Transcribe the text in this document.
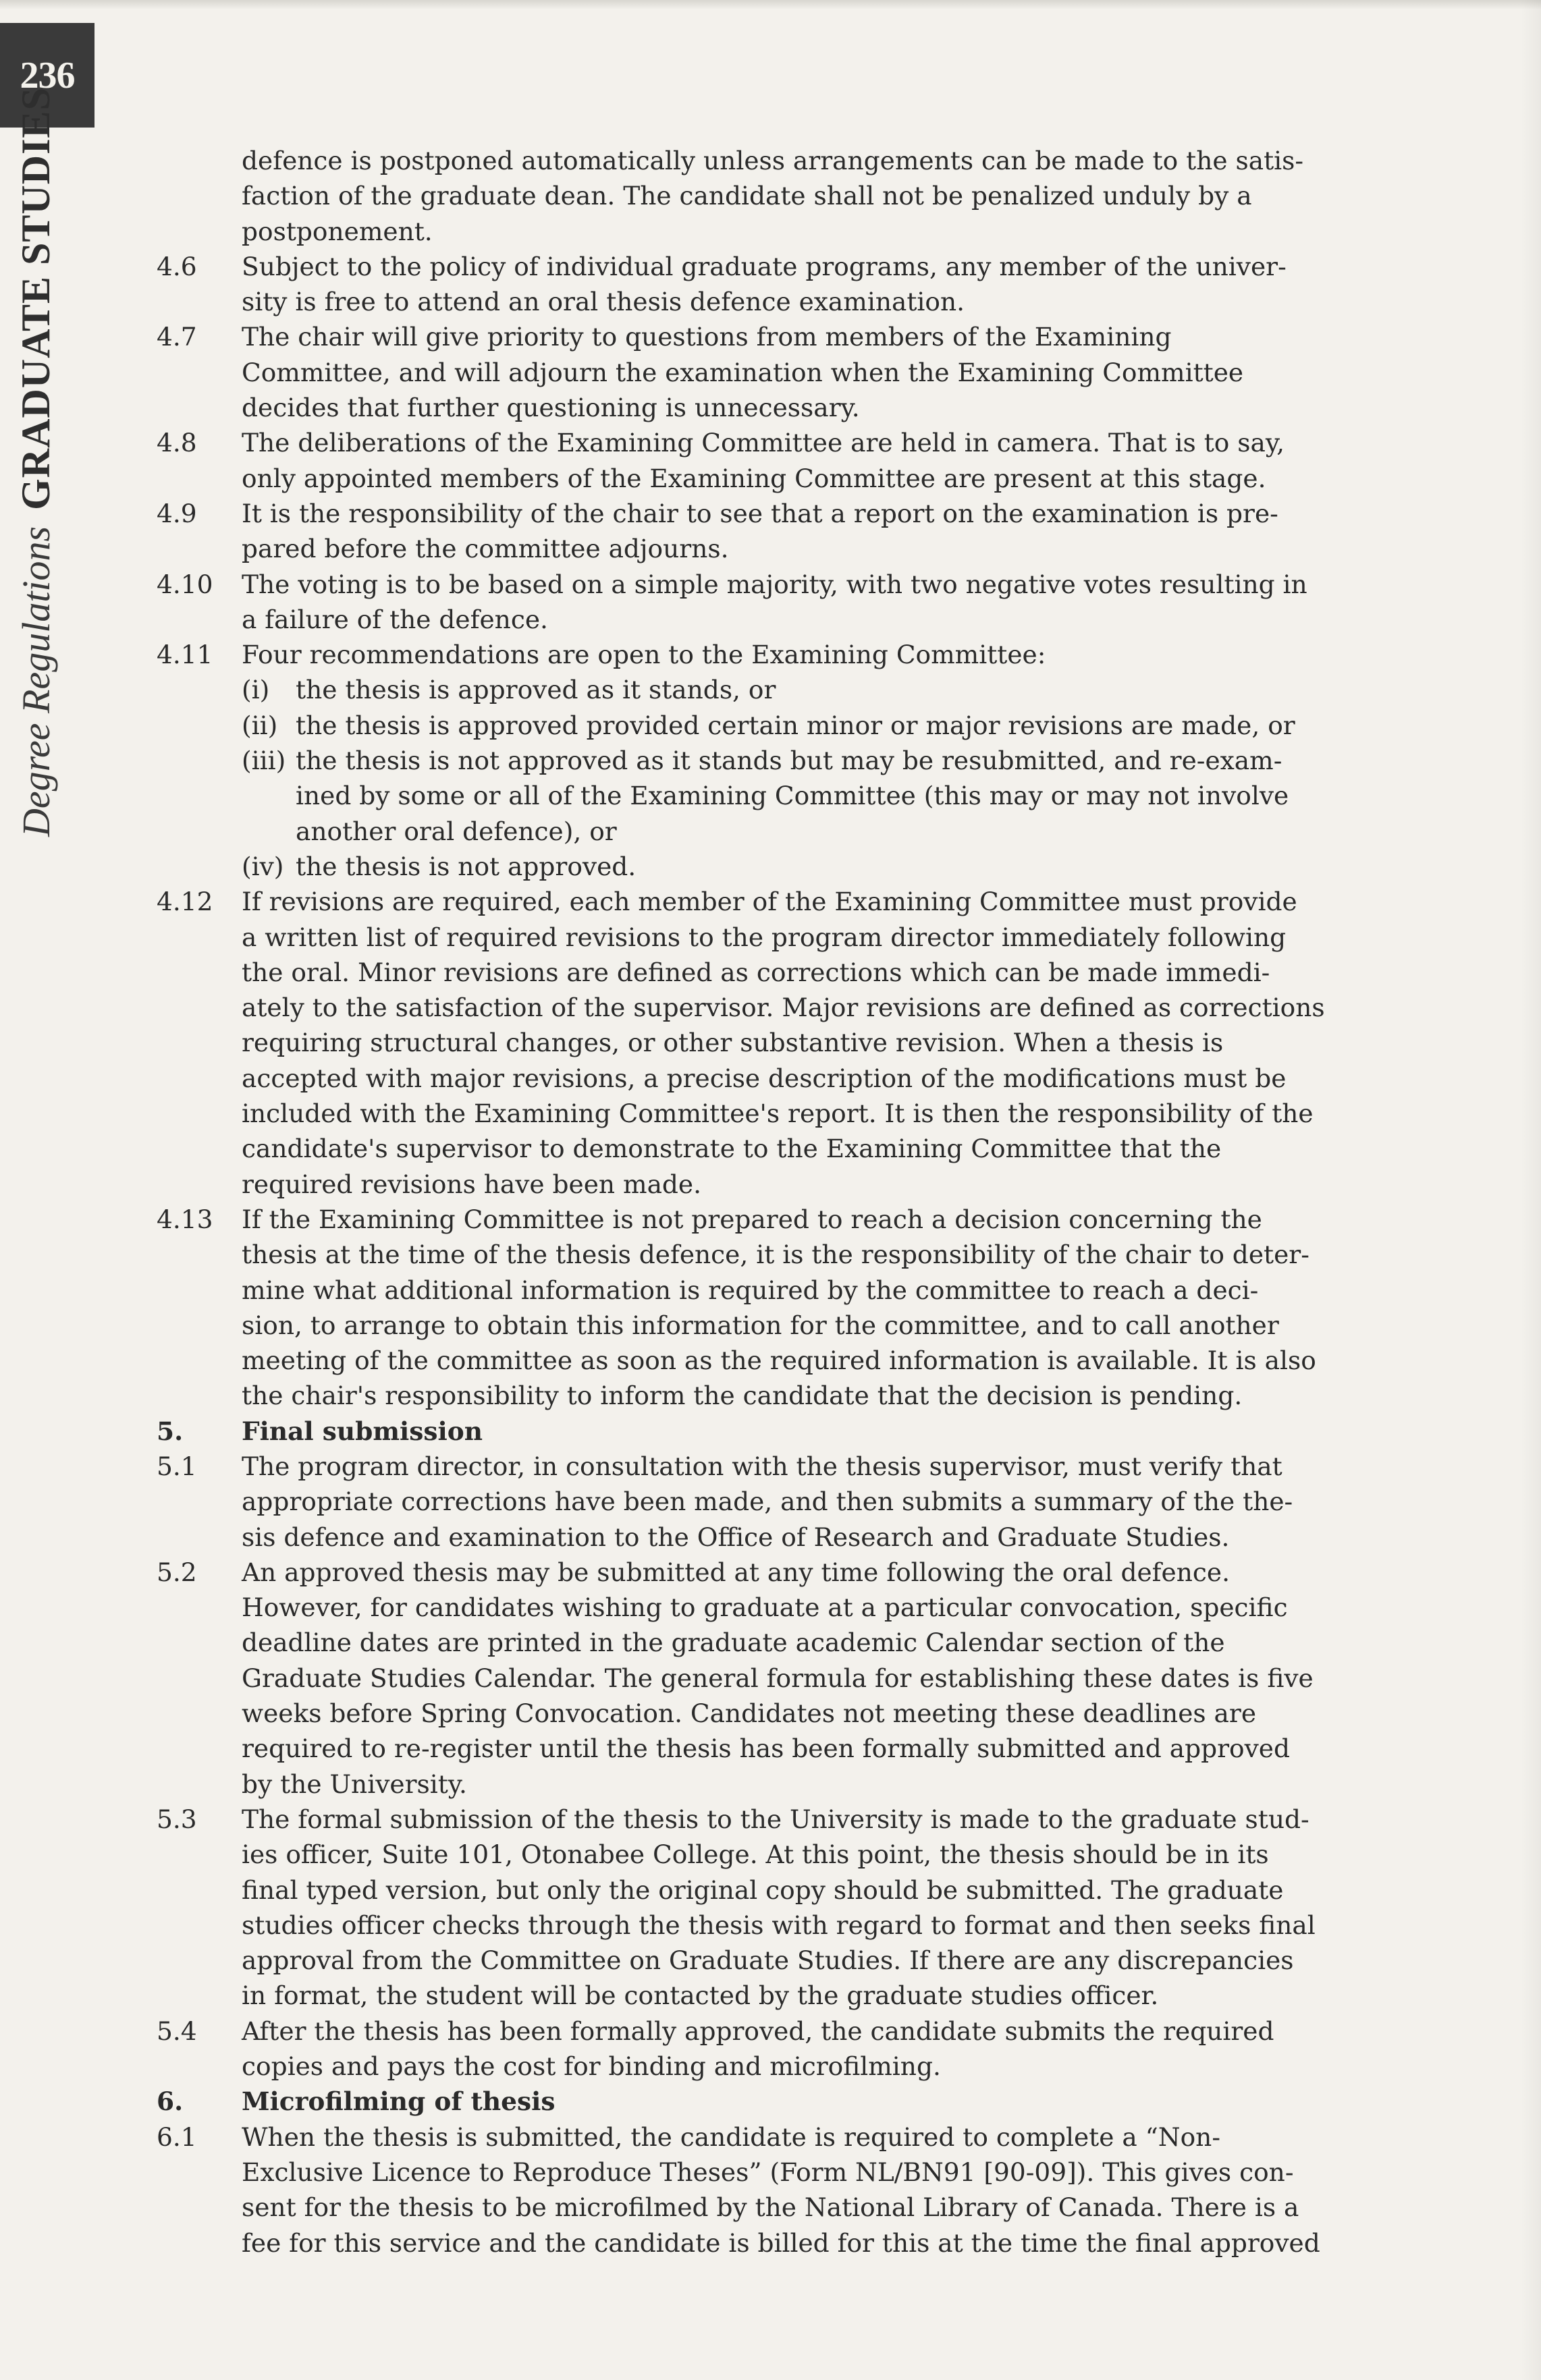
236
Degree Regulations
GRADUATE STUDIES	defence is postponed automatically unless arrangements can be made to the satis-
faction of the graduate dean. The candidate shall not be penalized unduly by a
postponement.
4.6	Subject to the policy of individual graduate programs, any member of the univer-
sity is free to attend an oral thesis defence examination.
4.7	The chair will give priority to questions from members of the Examining
Committee, and will adjourn the examination when the Examining Committee
decides that further questioning is unnecessary.
4.8	The deliberations of the Examining Committee are held in camera. That is to say,
only appointed members of the Examining Committee are present at this stage.
4.9	It is the responsibility of the chair to see that a report on the examination is pre-
pared before the committee adjourns.
4.10	The voting is to be based on a simple majority, with two negative votes resulting in
a failure of the defence.
4.11	Four recommendations are open to the Examining Committee:
(i)	the thesis is approved as it stands, or
(ii) the thesis is approved provided certain minor or major revisions are made, or
(iii) the thesis is not approved as it stands but may be resubmitted, and re-exam-
ined by some or all of the Examining Committee (this may or may not involve
another oral defence), or
(iv) the thesis is not approved.
4.12	If revisions are required, each member of the Examining Committee must provide
a written list of required revisions to the program director immediately following
the oral. Minor revisions are defined as corrections which can be made immedi-
ately to the satisfaction of the supervisor. Major revisions are defined as corrections
requiring structural changes, or other substantive revision. When a thesis is
accepted with major revisions, a precise description of the modifications must be
included with the Examining Committee's report. It is then the responsibility of the
candidate's supervisor to demonstrate to the Examining Committee that the
required revisions have been made.
4.13	If the Examining Committee is not prepared to reach a decision concerning the
thesis at the time of the thesis defence, it is the responsibility of the chair to deter-
mine what additional information is required by the committee to reach a deci-
sion, to arrange to obtain this information for the committee, and to call another
meeting of the committee as soon as the required information is available. It is also
the chair's responsibility to inform the candidate that the decision is pending.
5.	Final submission
5.1	The program director, in consultation with the thesis supervisor, must verify that
appropriate corrections have been made, and then submits a summary of the the-
sis defence and examination to the Office of Research and Graduate Studies.
5.2	An approved thesis may be submitted at any time following the oral defence.
However, for candidates wishing to graduate at a particular convocation, specific
deadline dates are printed in the graduate academic Calendar section of the
Graduate Studies Calendar. The general formula for establishing these dates is five
weeks before Spring Convocation. Candidates not meeting these deadlines are
required to re-register until the thesis has been formally submitted and approved
by the University.
5.3	The formal submission of the thesis to the University is made to the graduate stud-
ies officer, Suite 101, Otonabee College. At this point, the thesis should be in its
final typed version, but only the original copy should be submitted. The graduate
studies officer checks through the thesis with regard to format and then seeks final
approval from the Committee on Graduate Studies. If there are any discrepancies
in format, the student will be contacted by the graduate studies officer.
5.4	After the thesis has been formally approved, the candidate submits the required
copies and pays the cost for binding and microfilming.
6.	Microfilming of thesis
6.1	When the thesis is submitted, the candidate is required to complete a “Non-
Exclusive Licence to Reproduce Theses” (Form NL/BN91 [90-09]). This gives con-
sent for the thesis to be microfilmed by the National Library of Canada. There is a
fee for this service and the candidate is billed for this at the time the final approved
